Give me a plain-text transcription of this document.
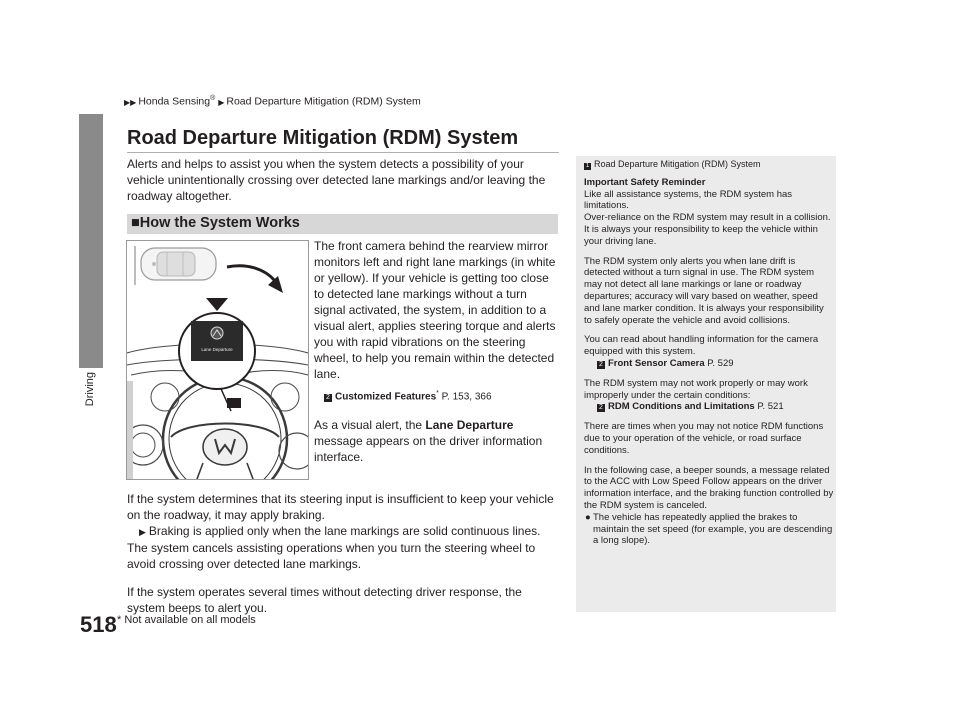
▶▶ Honda Sensing® ▶ Road Departure Mitigation (RDM) System
Driving
518
Road Departure Mitigation (RDM) System
Alerts and helps to assist you when the system detects a possibility of your vehicle unintentionally crossing over detected lane markings and/or leaving the roadway altogether.
■How the System Works
Lane Departure
The front camera behind the rearview mirror monitors left and right lane markings (in white or yellow). If your vehicle is getting too close to detected lane markings without a turn signal activated, the system, in addition to a visual alert, applies steering torque and alerts you with rapid vibrations on the steering wheel, to help you remain within the detected lane.
2 Customized Features* P. 153, 366
As a visual alert, the Lane Departure message appears on the driver information interface.

If the system determines that its steering input is insufficient to keep your vehicle on the roadway, it may apply braking.

▶ Braking is applied only when the lane markings are solid continuous lines.

The system cancels assisting operations when you turn the steering wheel to avoid crossing over detected lane markings.

If the system operates several times without detecting driver response, the system beeps to alert you.

* Not available on all models
1 Road Departure Mitigation (RDM) System

Important Safety Reminder

Like all assistance systems, the RDM system has limitations.

Over-reliance on the RDM system may result in a collision. It is always your responsibility to keep the vehicle within your driving lane.

The RDM system only alerts you when lane drift is detected without a turn signal in use. The RDM system may not detect all lane markings or lane or roadway departures; accuracy will vary based on weather, speed and lane marker condition. It is always your responsibility to safely operate the vehicle and avoid collisions.

You can read about handling information for the camera equipped with this system.

2 Front Sensor Camera P. 529

The RDM system may not work properly or may work improperly under the certain conditions:

2 RDM Conditions and Limitations P. 521

There are times when you may not notice RDM functions due to your operation of the vehicle, or road surface conditions.

In the following case, a beeper sounds, a message related to the ACC with Low Speed Follow appears on the driver information interface, and the braking function controlled by the RDM system is canceled.

● The vehicle has repeatedly applied the brakes to maintain the set speed (for example, you are descending a long slope).
